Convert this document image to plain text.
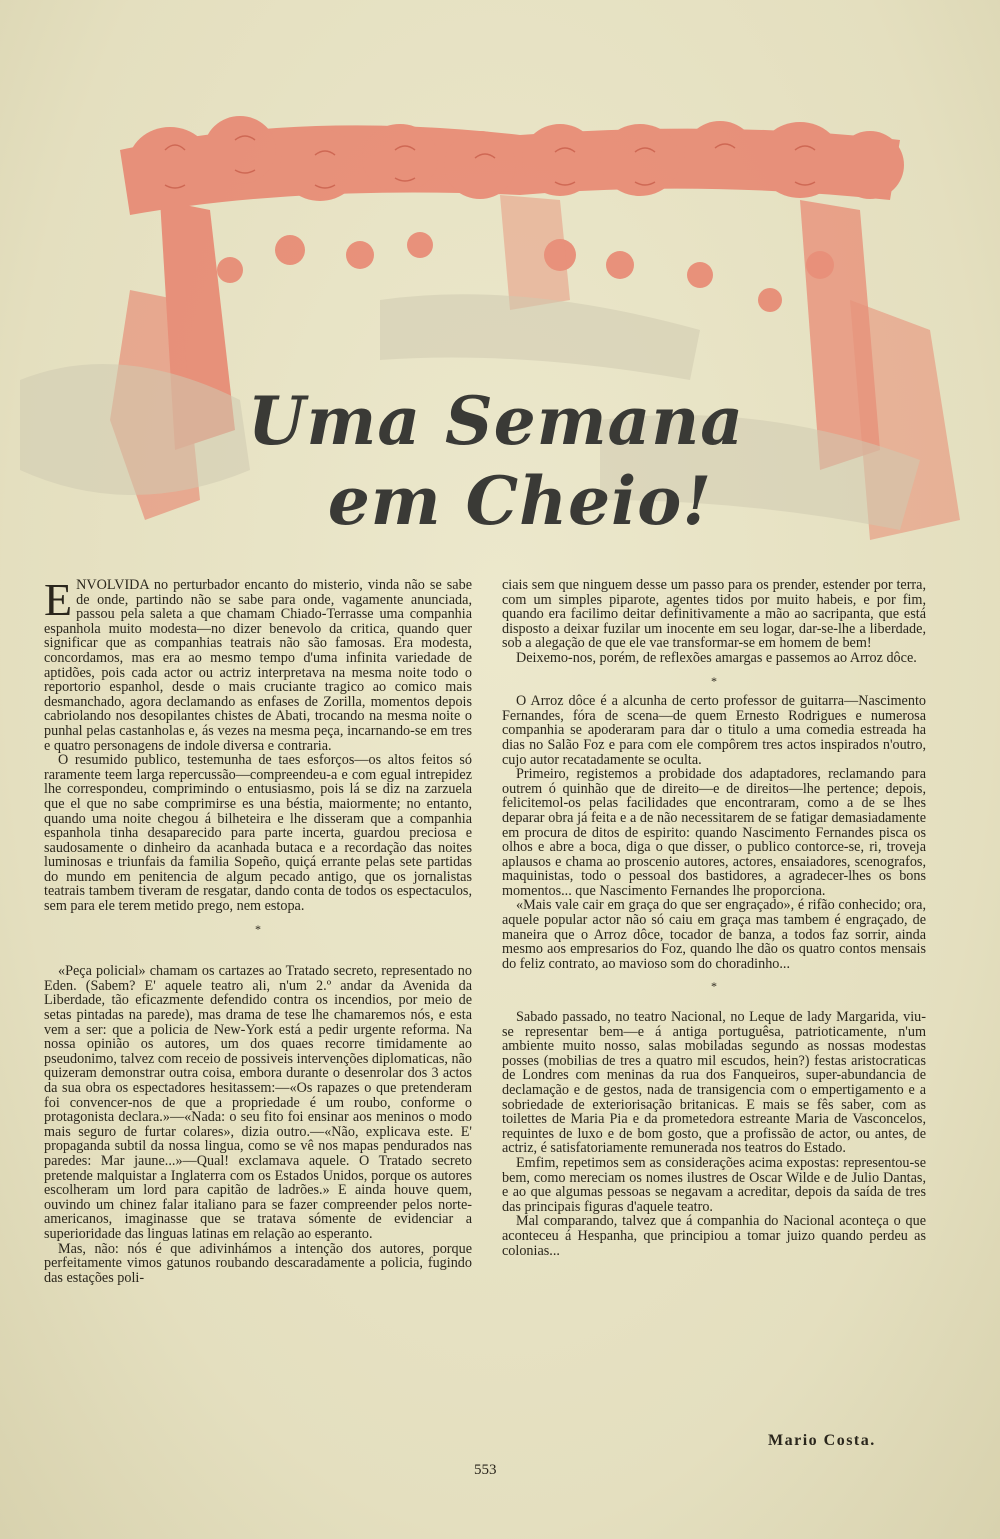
Uma Semana
em Cheio!

ENVOLVIDA no perturbador encanto do misterio, vinda não se sabe de onde, partindo não se sabe para onde, vagamente anunciada, passou pela saleta a que chamam Chiado-Terrasse uma companhia espanhola muito modesta—no dizer benevolo da critica, quando quer significar que as companhias teatrais não são famosas. Era modesta, concordamos, mas era ao mesmo tempo d'uma infinita variedade de aptidões, pois cada actor ou actriz interpretava na mesma noite todo o reportorio espanhol, desde o mais cruciante tragico ao comico mais desmanchado, agora declamando as enfases de Zorilla, momentos depois cabriolando nos desopilantes chistes de Abati, trocando na mesma noite o punhal pelas castanholas e, ás vezes na mesma peça, incarnando-se em tres e quatro personagens de indole diversa e contraria.

O resumido publico, testemunha de taes esforços—os altos feitos só raramente teem larga repercussão—compreendeu-a e com egual intrepidez lhe correspondeu, comprimindo o entusiasmo, pois lá se diz na zarzuela que el que no sabe comprimirse es una béstia, maiormente; no entanto, quando uma noite chegou á bilheteira e lhe disseram que a companhia espanhola tinha desaparecido para parte incerta, guardou preciosa e saudosamente o dinheiro da acanhada butaca e a recordação das noites luminosas e triunfais da familia Sopeño, quiçá errante pelas sete partidas do mundo em penitencia de algum pecado antigo, que os jornalistas teatrais tambem tiveram de resgatar, dando conta de todos os espectaculos, sem para ele terem metido prego, nem estopa.

*

«Peça policial» chamam os cartazes ao Tratado secreto, representado no Eden. (Sabem? E' aquele teatro ali, n'um 2.º andar da Avenida da Liberdade, tão eficazmente defendido contra os incendios, por meio de setas pintadas na parede), mas drama de tese lhe chamaremos nós, e esta vem a ser: que a policia de New-York está a pedir urgente reforma. Na nossa opinião os autores, um dos quaes recorre timidamente ao pseudonimo, talvez com receio de possiveis intervenções diplomaticas, não quizeram demonstrar outra coisa, embora durante o desenrolar dos 3 actos da sua obra os espectadores hesitassem:—«Os rapazes o que pretenderam foi convencer-nos de que a propriedade é um roubo, conforme o protagonista declara.»—«Nada: o seu fito foi ensinar aos meninos o modo mais seguro de furtar colares», dizia outro.—«Não, explicava este. E' propaganda subtil da nossa lingua, como se vê nos mapas pendurados nas paredes: Mar jaune...»—Qual! exclamava aquele. O Tratado secreto pretende malquistar a Inglaterra com os Estados Unidos, porque os autores escolheram um lord para capitão de ladrões.» E ainda houve quem, ouvindo um chinez falar italiano para se fazer compreender pelos norte-americanos, imaginasse que se tratava sómente de evidenciar a superioridade das linguas latinas em relação ao esperanto.

Mas, não: nós é que adivinhámos a intenção dos autores, porque perfeitamente vimos gatunos roubando descaradamente a policia, fugindo das estações poli-

ciais sem que ninguem desse um passo para os prender, estender por terra, com um simples piparote, agentes tidos por muito habeis, e por fim, quando era facilimo deitar definitivamente a mão ao sacripanta, que está disposto a deixar fuzilar um inocente em seu logar, dar-se-lhe a liberdade, sob a alegação de que ele vae transformar-se em homem de bem!

Deixemo-nos, porém, de reflexões amargas e passemos ao Arroz dôce.

*

O Arroz dôce é a alcunha de certo professor de guitarra—Nascimento Fernandes, fóra de scena—de quem Ernesto Rodrigues e numerosa companhia se apoderaram para dar o titulo a uma comedia estreada ha dias no Salão Foz e para com ele compôrem tres actos inspirados n'outro, cujo autor recatadamente se oculta.

Primeiro, registemos a probidade dos adaptadores, reclamando para outrem ó quinhão que de direito—e de direitos—lhe pertence; depois, felicitemol-os pelas facilidades que encontraram, como a de se lhes deparar obra já feita e a de não necessitarem de se fatigar demasiadamente em procura de ditos de espirito: quando Nascimento Fernandes pisca os olhos e abre a boca, diga o que disser, o publico contorce-se, ri, troveja aplausos e chama ao proscenio autores, actores, ensaiadores, scenografos, maquinistas, todo o pessoal dos bastidores, a agradecer-lhes os bons momentos... que Nascimento Fernandes lhe proporciona.

«Mais vale cair em graça do que ser engraçado», é rifão conhecido; ora, aquele popular actor não só caiu em graça mas tambem é engraçado, de maneira que o Arroz dôce, tocador de banza, a todos faz sorrir, ainda mesmo aos empresarios do Foz, quando lhe dão os quatro contos mensais do feliz contrato, ao mavioso som do choradinho...

*

Sabado passado, no teatro Nacional, no Leque de lady Margarida, viu-se representar bem—e á antiga portuguêsa, patrioticamente, n'um ambiente muito nosso, salas mobiladas segundo as nossas modestas posses (mobilias de tres a quatro mil escudos, hein?) festas aristocraticas de Londres com meninas da rua dos Fanqueiros, super-abundancia de declamação e de gestos, nada de transigencia com o empertigamento e a sobriedade de exteriorisação britanicas. E mais se fês saber, com as toilettes de Maria Pia e da prometedora estreante Maria de Vasconcelos, requintes de luxo e de bom gosto, que a profissão de actor, ou antes, de actriz, é satisfatoriamente remunerada nos teatros do Estado.

Emfim, repetimos sem as considerações acima expostas: representou-se bem, como mereciam os nomes ilustres de Oscar Wilde e de Julio Dantas, e ao que algumas pessoas se negavam a acreditar, depois da saída de tres das principais figuras d'aquele teatro.

Mal comparando, talvez que á companhia do Nacional aconteça o que aconteceu á Hespanha, que principiou a tomar juizo quando perdeu as colonias...

Mario Costa.
553
